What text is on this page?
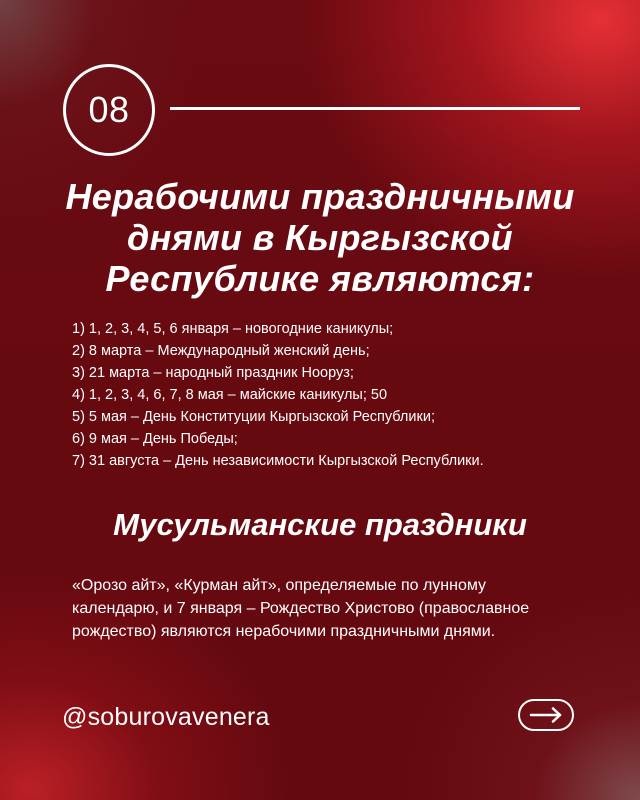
08
Нерабочими праздничными днями в Кыргызской Республике являются:
1) 1, 2, 3, 4, 5, 6 января – новогодние каникулы;
2) 8 марта – Международный женский день;
3) 21 марта – народный праздник Нооруз;
4) 1, 2, 3, 4, 6, 7, 8 мая – майские каникулы; 50
5) 5 мая – День Конституции Кыргызской Республики;
6) 9 мая – День Победы;
7) 31 августа – День независимости Кыргызской Республики.
Мусульманские праздники

«Орозо айт», «Курман айт», определяемые по лунному календарю, и 7 января – Рождество Христово (православное рождество) являются нерабочими праздничными днями.

@soburovavenera
